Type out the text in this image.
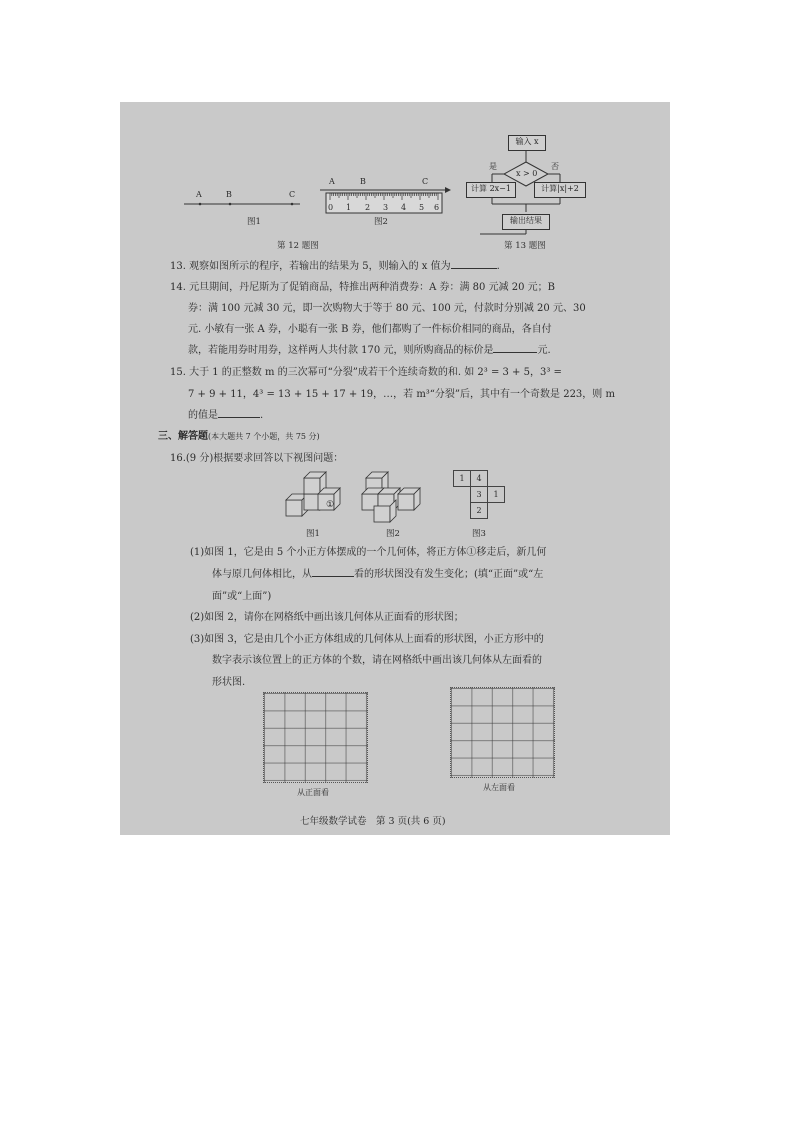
A	B	C
A	B	C
0 1 2 3 4 5 6
图1	图2
第 12 题图
输入 x
x > 0
是	否
计算 2x−1	计算|x|+2
输出结果
第 13 题图
13. 观察如图所示的程序，若输出的结果为 5，则输入的 x 值为	.
14. 元旦期间，丹尼斯为了促销商品，特推出两种消费券：A 券：满 80 元减 20 元；B
券：满 100 元减 30 元，即一次购物大于等于 80 元、100 元，付款时分别减 20 元、30
元. 小敏有一张 A 券，小聪有一张 B 券，他们都购了一件标价相同的商品，各自付
款，若能用券时用券，这样两人共付款 170 元，则所购商品的标价是	元.
15. 大于 1 的正整数 m 的三次幂可“分裂”成若干个连续奇数的和. 如 2³ = 3 + 5，3³ =
7 + 9 + 11，4³ = 13 + 15 + 17 + 19，…，若 m³“分裂”后，其中有一个奇数是 223，则 m
的值是	.
三、解答题(本大题共 7 个小题，共 75 分)
16.(9 分)根据要求回答以下视图问题：
①
图1	图2
1	4	
	3	1
	2	
图3
(1)如图 1，它是由 5 个小正方体摆成的一个几何体，将正方体①移走后，新几何
体与原几何体相比，从	看的形状图没有发生变化；(填“正面”或“左
面”或“上面”)
(2)如图 2，请你在网格纸中画出该几何体从正面看的形状图；
(3)如图 3，它是由几个小正方体组成的几何体从上面看的形状图，小正方形中的
数字表示该位置上的正方体的个数，请在网格纸中画出该几何体从左面看的
形状图.
从正面看
从左面看
七年级数学试卷　第 3 页(共 6 页)
